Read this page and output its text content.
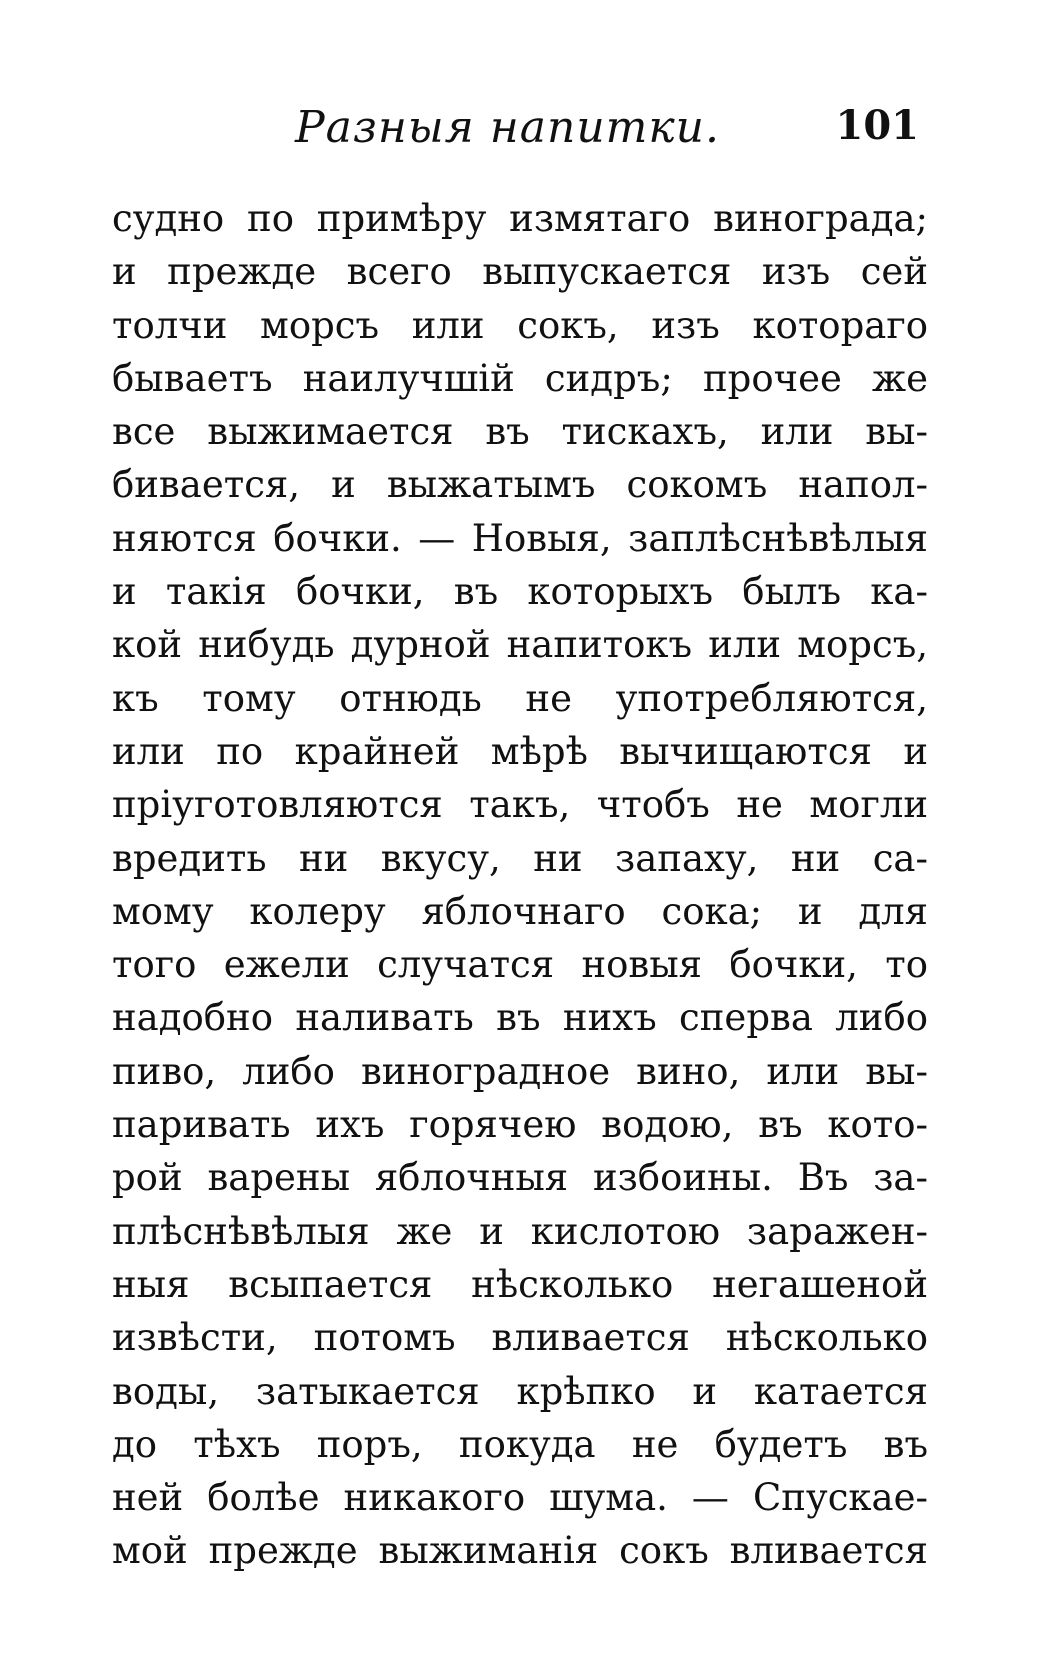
Разныя напитки.	101
судно по примѣру измятаго винограда;
и прежде всего выпускается изъ сей
толчи морсъ или сокъ, изъ котораго
бываетъ наилучшій сидръ; прочее же
все выжимается въ тискахъ, или вы-
бивается, и выжатымъ сокомъ напол-
няются бочки. — Новыя, заплѣснѣвѣлыя
и такія бочки, въ которыхъ былъ ка-
кой нибудь дурной напитокъ или морсъ,
къ тому отнюдь не употребляются,
или по крайней мѣрѣ вычищаются и
пріуготовляются такъ, чтобъ не могли
вредить ни вкусу, ни запаху, ни са-
мому колеру яблочнаго сока; и для
того ежели случатся новыя бочки, то
надобно наливать въ нихъ сперва либо
пиво, либо виноградное вино, или вы-
паривать ихъ горячею водою, въ кото-
рой варены яблочныя избоины. Въ за-
плѣснѣвѣлыя же и кислотою заражен-
ныя всыпается нѣсколько негашеной
извѣсти, потомъ вливается нѣсколько
воды, затыкается крѣпко и катается
до тѣхъ поръ, покуда не будетъ въ
ней болѣе никакого шума. — Спускае-
мой прежде выжиманія сокъ вливается
